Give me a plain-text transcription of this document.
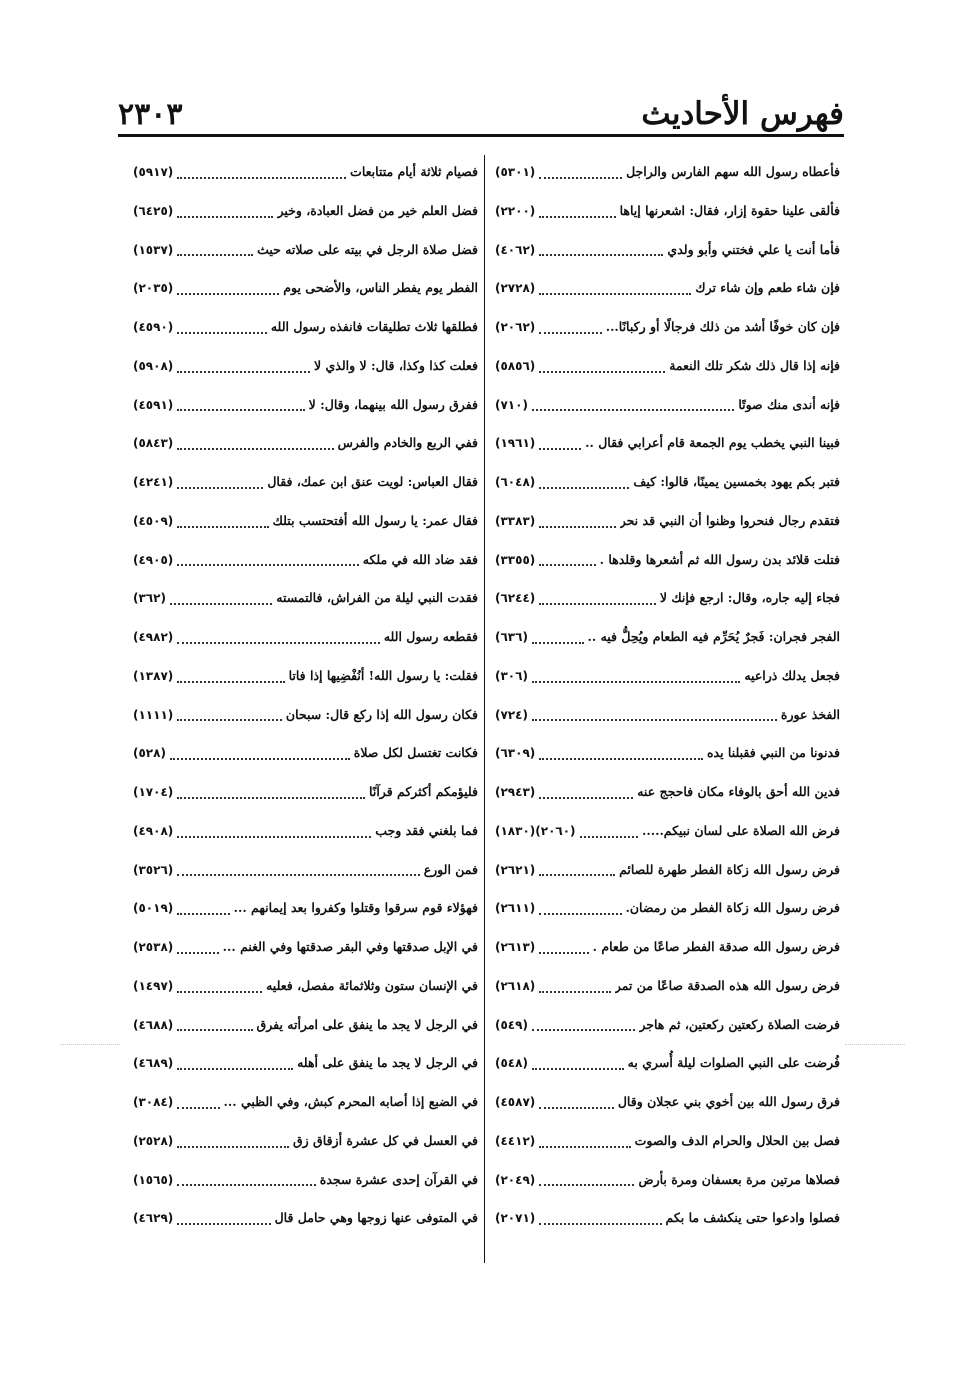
فهرس الأحاديث
٢٣٠٣
فأعطاه رسول الله سهم الفارس والراجل
(٥٣٠١)
فألقى علينا حقوة إزار، فقال: اشعرنها إياها
(٢٢٠٠)
فأما أنت يا علي فختني وأبو ولدي
(٤٠٦٢)
فإن شاء طعم وإن شاء ترك
(٢٧٢٨)
فإن كان خوفًا أشد من ذلك فرجالًا أو ركبانًا...
(٢٠٦٢)
فإنه إذا قال ذلك شكر تلك النعمة
(٥٨٥٦)
فإنه أندى منك صوتًا
(٧١٠)
فبينا النبي يخطب يوم الجمعة قام أعرابي فقال ..
(١٩٦١)
فتبر بكم يهود بخمسين يمينًا، قالوا: كيف
(٦٠٤٨)
فتقدم رجال فنحروا وظنوا أن النبي قد نحر
(٣٣٨٣)
فتلت قلائد بدن رسول الله ثم أشعرها وقلدها .
(٣٣٥٥)
فجاء إليه جاره، وقال: ارجع فإنك لا
(٦٢٤٤)
الفجر فجران: فَجرٌ يُحَرِّم فيه الطعام ويُحِلُّ فيه ..
(٦٣٦)
فجعل يدلك ذراعيه
(٣٠٦)
الفخذ عورة
(٧٢٤)
فدنونا من النبي فقبلنا يده
(٦٣٠٩)
فدين الله أحق بالوفاء مكان فاحجج عنه
(٢٩٤٣)
فرض الله الصلاة على لسان نبيكم.....
(١٨٣٠)(٢٠٦٠)
فرض رسول الله زكاة الفطر طهرة للصائم
(٢٦٢١)
فرض رسول الله زكاة الفطر من رمضان.
(٢٦١١)
فرض رسول الله صدقة الفطر صاعًا من طعام .
(٢٦١٣)
فرض رسول الله هذه الصدقة صاعًا من تمر
(٢٦١٨)
فرضت الصلاة ركعتين ركعتين، ثم هاجر
(٥٤٩)
فُرضت على النبي الصلوات ليلة أُسري به
(٥٤٨)
فرق رسول الله بين أخوي بني عجلان وقال
(٤٥٨٧)
فصل بين الحلال والحرام الدف والصوت
(٤٤١٢)
فصلاها مرتين مرة بعسفان ومرة بأرض
(٢٠٤٩)
فصلوا وادعوا حتى ينكشف ما بكم
(٢٠٧١)
فصيام ثلاثة أيام متتابعات
(٥٩١٧)
فضل العلم خير من فضل العبادة، وخير
(٦٤٢٥)
فضل صلاة الرجل في بيته على صلاته حيث
(١٥٣٧)
الفطر يوم يفطر الناس، والأضحى يوم
(٢٠٣٥)
فطلقها ثلاث تطليقات فانفذه رسول الله
(٤٥٩٠)
فعلت كذا وكذا، قال: لا والذي لا
(٥٩٠٨)
ففرق رسول الله بينهما، وقال: لا
(٤٥٩١)
ففي الربع والخادم والفرس
(٥٨٤٣)
فقال العباس: لويت عنق ابن عمك، فقال
(٤٢٤١)
فقال عمر: يا رسول الله أفتحتسب بتلك
(٤٥٠٩)
فقد ضاد الله في ملكه
(٤٩٠٥)
فقدت النبي ليلة من الفراش، فالتمسته
(٣٦٢)
فقطعه رسول الله
(٤٩٨٢)
فقلت: يا رسول الله! أنُفْضِيها إذا فاتا
(١٣٨٧)
فكان رسول الله إذا ركع قال: سبحان
(١١١١)
فكانت تغتسل لكل صلاة
(٥٢٨)
فليؤمكم أكثركم قرآنًا
(١٧٠٤)
فما بلغني فقد وجب
(٤٩٠٨)
فمن الورع
(٣٥٢٦)
فهؤلاء قوم سرقوا وقتلوا وكفروا بعد إيمانهم ...
(٥٠١٩)
في الإبل صدقتها وفي البقر صدقتها وفي الغنم ...
(٢٥٣٨)
في الإنسان ستون وثلاثمائة مفصل، فعليه
(١٤٩٧)
في الرجل لا يجد ما ينفق على امرأته يفرق
(٤٦٨٨)
في الرجل لا يجد ما ينفق على أهله
(٤٦٨٩)
في الضبع إذا أصابه المحرم كبش، وفي الظبي ...
(٣٠٨٤)
في العسل في كل عشرة أزقاق زق
(٢٥٢٨)
في القرآن إحدى عشرة سجدة
(١٥٦٥)
في المتوفى عنها زوجها وهي حامل قال
(٤٦٢٩)
